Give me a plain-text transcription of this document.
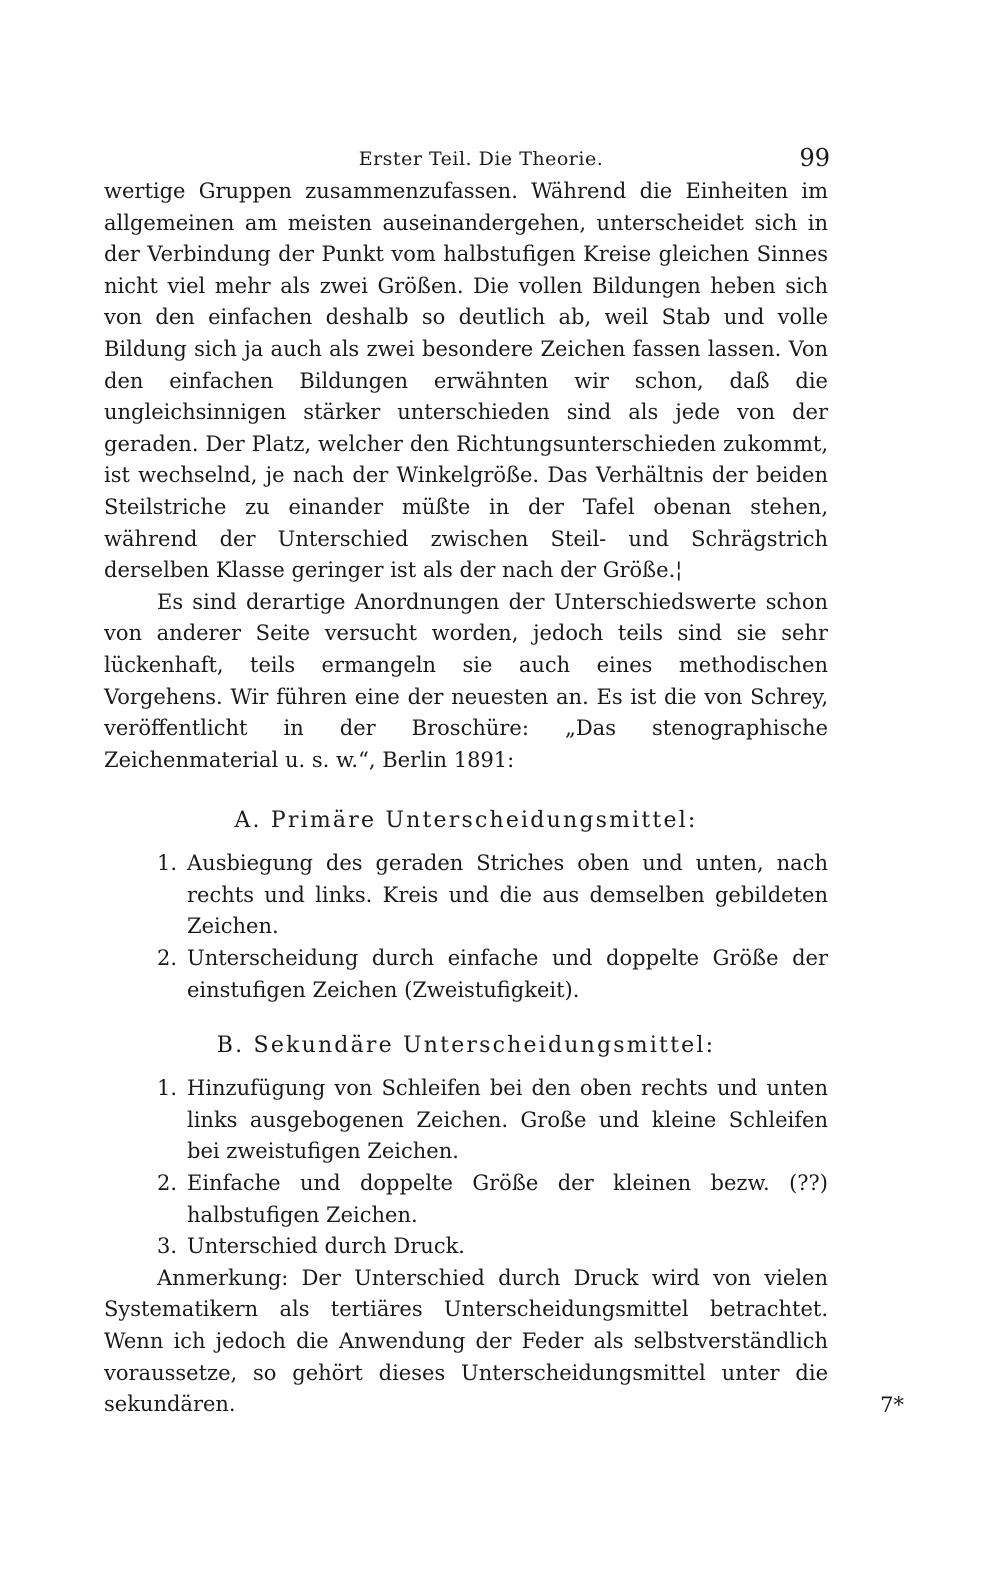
Erster Teil. Die Theorie.	99

wertige Gruppen zusammenzufassen. Während die Einheiten im allgemeinen am meisten auseinandergehen, unterscheidet sich in der Verbindung der Punkt vom halbstufigen Kreise gleichen Sinnes nicht viel mehr als zwei Größen. Die vollen Bildungen heben sich von den einfachen deshalb so deutlich ab, weil Stab und volle Bildung sich ja auch als zwei besondere Zeichen fassen lassen. Von den einfachen Bildungen erwähnten wir schon, daß die ungleichsinnigen stärker unterschieden sind als jede von der geraden. Der Platz, welcher den Richtungsunterschieden zukommt, ist wechselnd, je nach der Winkelgröße. Das Verhältnis der beiden Steilstriche zu einander müßte in der Tafel obenan stehen, während der Unterschied zwischen Steil- und Schrägstrich derselben Klasse geringer ist als der nach der Größe.¦

Es sind derartige Anordnungen der Unterschiedswerte schon von anderer Seite versucht worden, jedoch teils sind sie sehr lückenhaft, teils ermangeln sie auch eines methodischen Vorgehens. Wir führen eine der neuesten an. Es ist die von Schrey, veröffentlicht in der Broschüre: „Das stenographische Zeichenmaterial u. s. w.“, Berlin 1891:

A. Primäre Unterscheidungsmittel:
1. Ausbiegung des geraden Striches oben und unten, nach rechts und links. Kreis und die aus demselben gebildeten Zeichen.
2. Unterscheidung durch einfache und doppelte Größe der einstufigen Zeichen (Zweistufigkeit).
B. Sekundäre Unterscheidungsmittel:
1. Hinzufügung von Schleifen bei den oben rechts und unten links ausgebogenen Zeichen. Große und kleine Schleifen bei zweistufigen Zeichen.
2. Einfache und doppelte Größe der kleinen bezw. (??) halbstufigen Zeichen.
3. Unterschied durch Druck.

Anmerkung: Der Unterschied durch Druck wird von vielen Systematikern als tertiäres Unterscheidungsmittel betrachtet. Wenn ich jedoch die Anwendung der Feder als selbstverständlich voraussetze, so gehört dieses Unterscheidungsmittel unter die sekundären.	7*
